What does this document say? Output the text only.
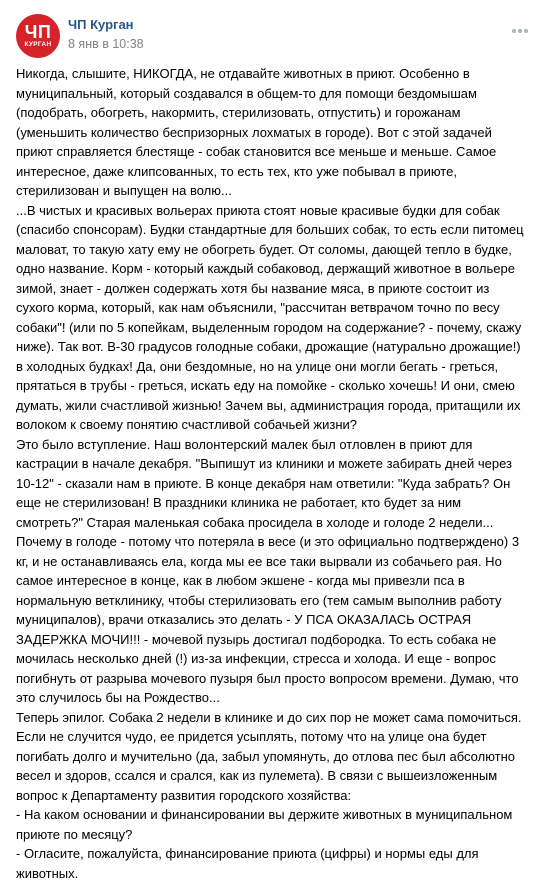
ЧП
КУРГАН
ЧП Курган
8 янв в 10:38

Никогда, слышите, НИКОГДА, не отдавайте животных в приют. Особенно в муниципальный, который создавался в общем-то для помощи бездомышам (подобрать, обогреть, накормить, стерилизовать, отпустить) и горожанам (уменьшить количество беспризорных лохматых в городе). Вот с этой задачей приют справляется блестяще - собак становится все меньше и меньше. Самое интересное, даже клипсованных, то есть тех, кто уже побывал в приюте, стерилизован и выпущен на волю...

...В чистых и красивых вольерах приюта стоят новые красивые будки для собак (спасибо спонсорам). Будки стандартные для больших собак, то есть если питомец маловат, то такую хату ему не обогреть будет. От соломы, дающей тепло в будке, одно название. Корм - который каждый собаковод, держащий животное в вольере зимой, знает - должен содержать хотя бы название мяса, в приюте состоит из сухого корма, который, как нам объяснили, "рассчитан ветврачом точно по весу собаки"! (или по 5 копейкам, выделенным городом на содержание? - почему, скажу ниже). Так вот. В-30 градусов голодные собаки, дрожащие (натурально дрожащие!) в холодных будках! Да, они бездомные, но на улице они могли бегать - греться, прятаться в трубы - греться, искать еду на помойке - сколько хочешь! И они, смею думать, жили счастливой жизнью! Зачем вы, администрация города, притащили их волоком к своему понятию счастливой собачьей жизни?

Это было вступление. Наш волонтерский малек был отловлен в приют для кастрации в начале декабря. "Выпишут из клиники и можете забирать дней через 10-12" - сказали нам в приюте. В конце декабря нам ответили: "Куда забрать? Он еще не стерилизован! В праздники клиника не работает, кто будет за ним смотреть?" Старая маленькая собака просидела в холоде и голоде 2 недели... Почему в голоде - потому что потеряла в весе (и это официально подтверждено) 3 кг, и не останавливаясь ела, когда мы ее все таки вырвали из собачьего рая. Но самое интересное в конце, как в любом экшене - когда мы привезли пса в нормальную ветклинику, чтобы стерилизовать его (тем самым выполнив работу муниципалов), врачи отказались это делать - У ПСА ОКАЗАЛАСЬ ОСТРАЯ ЗАДЕРЖКА МОЧИ!!! - мочевой пузырь достигал подбородка. То есть собака не мочилась несколько дней (!) из-за инфекции, стресса и холода. И еще - вопрос погибнуть от разрыва мочевого пузыря был просто вопросом времени. Думаю, что это случилось бы на Рождество...

Теперь эпилог. Собака 2 недели в клинике и до сих пор не может сама помочиться. Если не случится чудо, ее придется усыплять, потому что на улице она будет погибать долго и мучительно (да, забыл упомянуть, до отлова пес был абсолютно весел и здоров, ссался и срался, как из пулемета). В связи с вышеизложенным вопрос к Департаменту развития городского хозяйства:

- На каком основании и финансировании вы держите животных в муниципальном приюте по месяцу?

- Огласите, пожалуйста, финансирование приюта (цифры) и нормы еды для животных.
